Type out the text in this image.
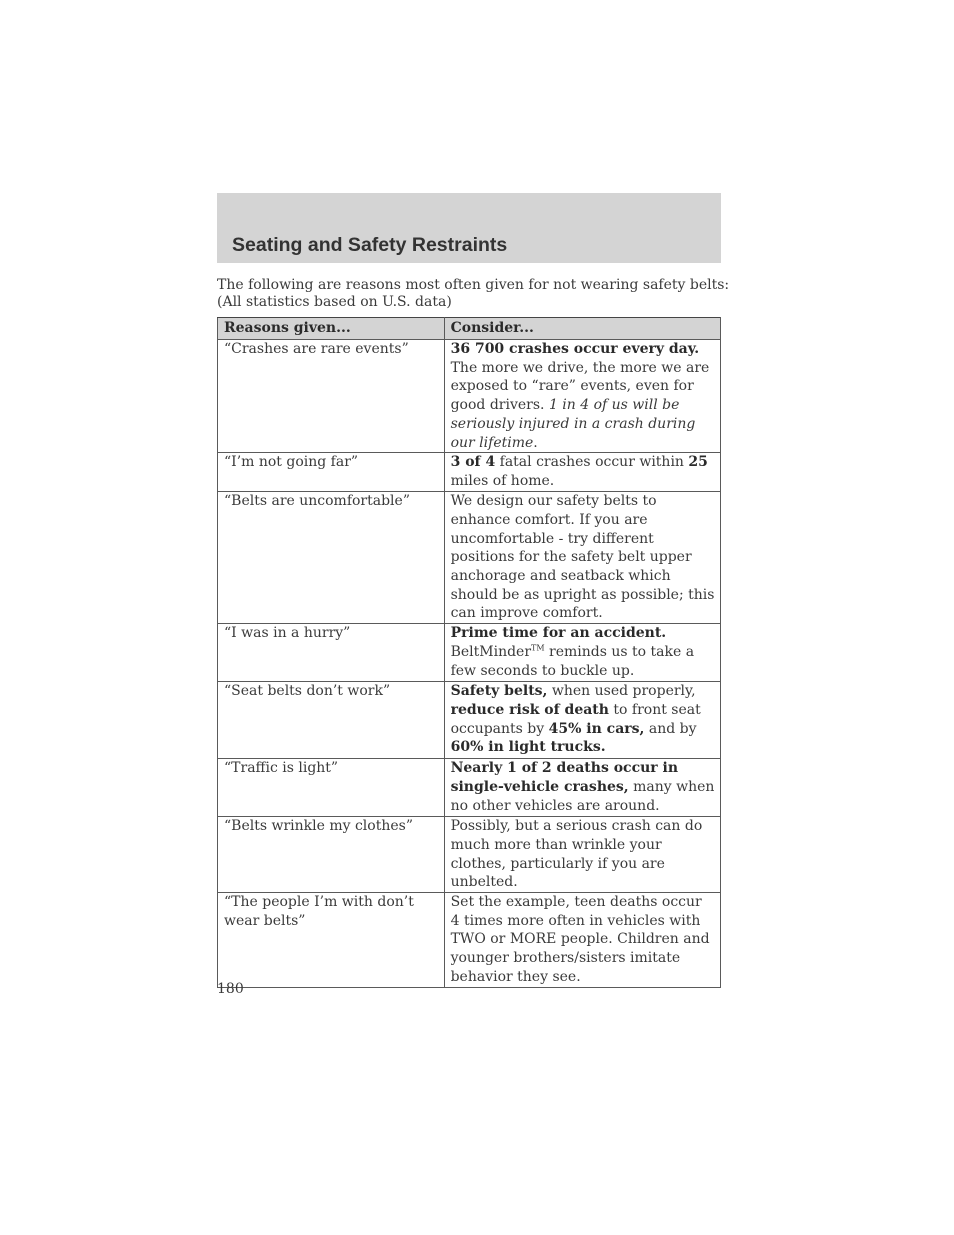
Seating and Safety Restraints
The following are reasons most often given for not wearing safety belts:
(All statistics based on U.S. data)
Reasons given...	Consider...
“Crashes are rare events”	36 700 crashes occur every day. The more we drive, the more we are exposed to “rare” events, even for good drivers. 1 in 4 of us will be seriously injured in a crash during our lifetime.
“I’m not going far”	3 of 4 fatal crashes occur within 25 miles of home.
“Belts are uncomfortable”	We design our safety belts to enhance comfort. If you are uncomfortable - try different positions for the safety belt upper anchorage and seatback which should be as upright as possible; this can improve comfort.
“I was in a hurry”	Prime time for an accident. BeltMinder™ reminds us to take a few seconds to buckle up.
“Seat belts don’t work”	Safety belts, when used properly, reduce risk of death to front seat occupants by 45% in cars, and by 60% in light trucks.
“Traffic is light”	Nearly 1 of 2 deaths occur in single-vehicle crashes, many when no other vehicles are around.
“Belts wrinkle my clothes”	Possibly, but a serious crash can do much more than wrinkle your clothes, particularly if you are unbelted.
“The people I’m with don’t wear belts”	Set the example, teen deaths occur 4 times more often in vehicles with TWO or MORE people. Children and younger brothers/sisters imitate behavior they see.
180
